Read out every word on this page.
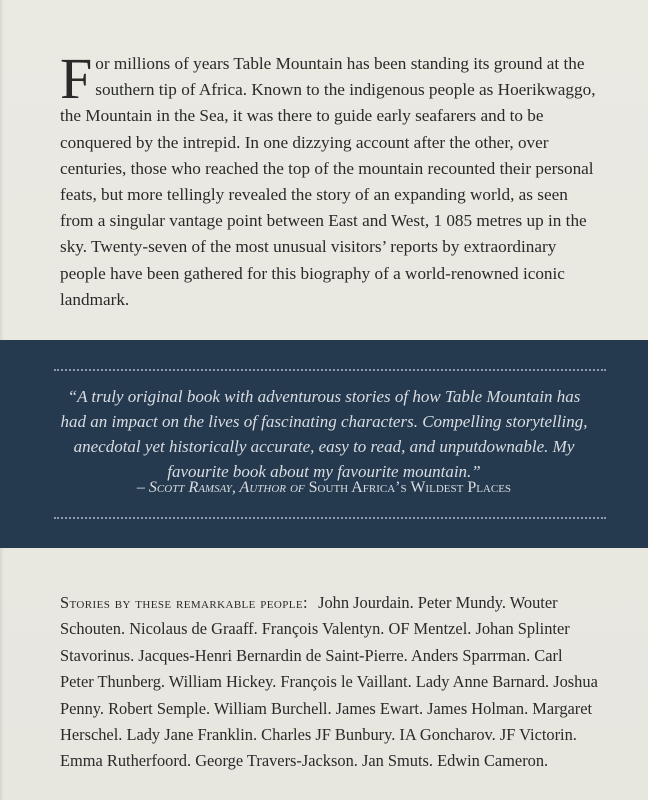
For millions of years Table Mountain has been standing its ground at the southern tip of Africa. Known to the indigenous people as Hoerikwaggo, the Mountain in the Sea, it was there to guide early seafarers and to be conquered by the intrepid. In one dizzying account after the other, over centuries, those who reached the top of the mountain recounted their personal feats, but more tellingly revealed the story of an expanding world, as seen from a singular vantage point between East and West, 1 085 metres up in the sky. Twenty-seven of the most unusual visitors’ reports by extraordinary people have been gathered for this biography of a world-renowned iconic landmark.

“A truly original book with adventurous stories of how Table Mountain has had an impact on the lives of fascinating characters. Compelling storytelling, anecdotal yet historically accurate, easy to read, and unputdownable. My favourite book about my favourite mountain.”

– Scott Ramsay, Author of South Africa’s Wildest Places

Stories by these remarkable people: John Jourdain. Peter Mundy. Wouter Schouten. Nicolaus de Graaff. François Valentyn. OF Mentzel. Johan Splinter Stavorinus. Jacques-Henri Bernardin de Saint-Pierre. Anders Sparrman. Carl Peter Thunberg. William Hickey. François le Vaillant. Lady Anne Barnard. Joshua Penny. Robert Semple. William Burchell. James Ewart. James Holman. Margaret Herschel. Lady Jane Franklin. Charles JF Bunbury. IA Goncharov. JF Victorin. Emma Rutherfoord. George Travers-Jackson. Jan Smuts. Edwin Cameron.
